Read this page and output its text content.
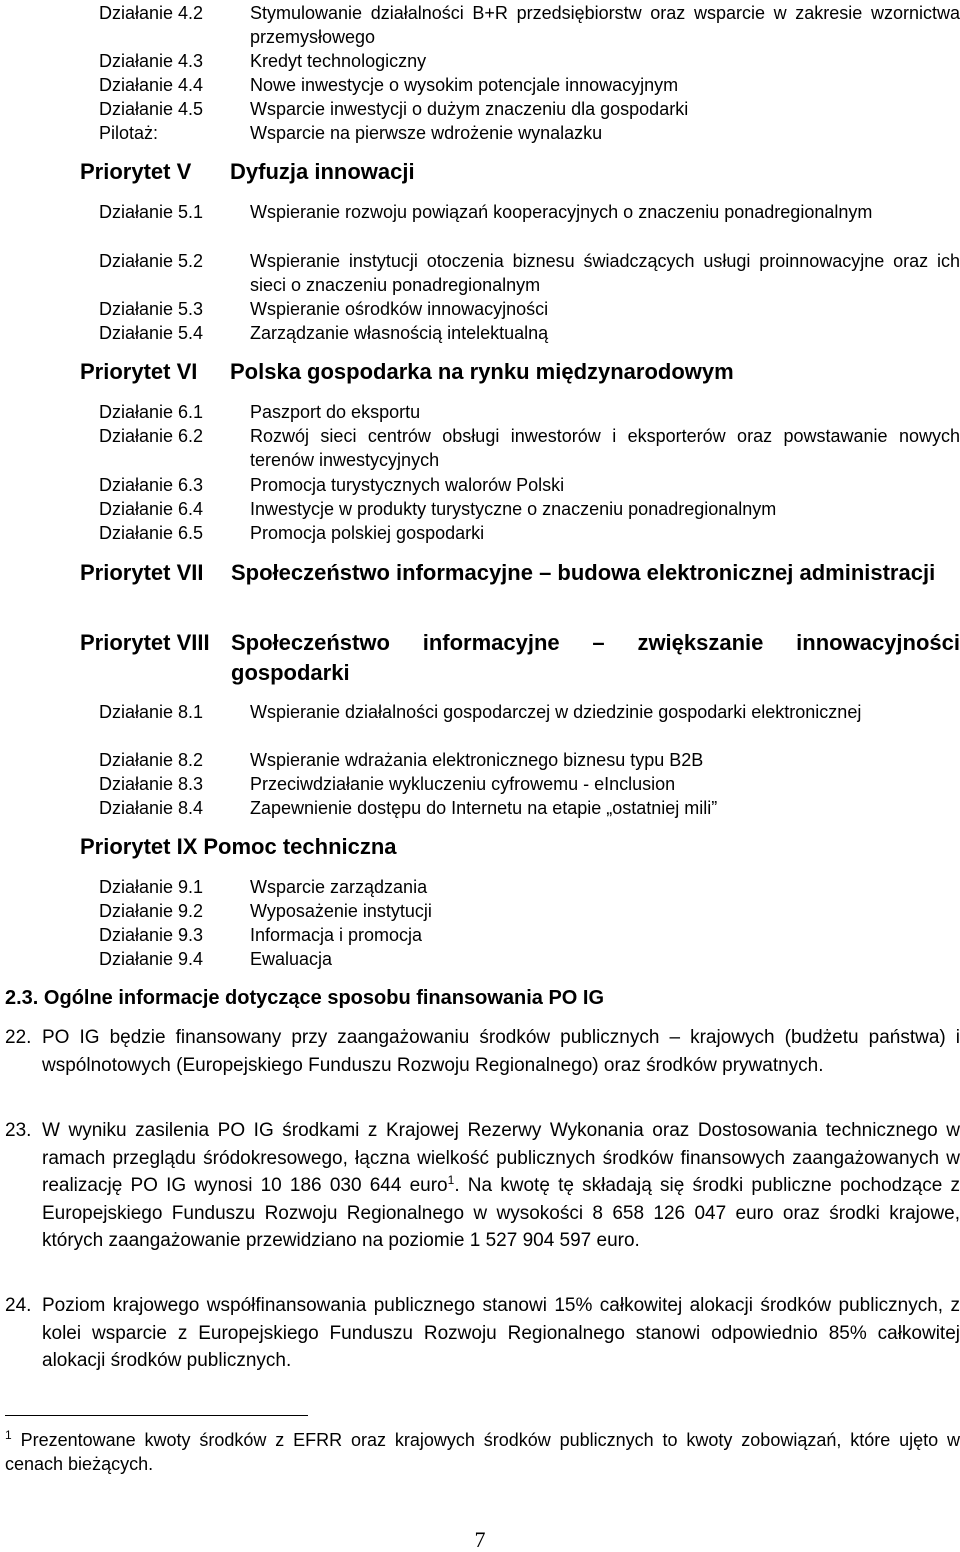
Działanie 4.2	Stymulowanie działalności B+R przedsiębiorstw oraz wsparcie w zakresie wzornictwa przemysłowego
Działanie 4.3	Kredyt technologiczny
Działanie 4.4	Nowe inwestycje o wysokim potencjale innowacyjnym
Działanie 4.5	Wsparcie inwestycji o dużym znaczeniu dla gospodarki
Pilotaż:	Wsparcie na pierwsze wdrożenie wynalazku
Priorytet V	Dyfuzja innowacji
Działanie 5.1	Wspieranie rozwoju powiązań kooperacyjnych o znaczeniu ponadregionalnym
Działanie 5.2	Wspieranie instytucji otoczenia biznesu świadczących usługi proinnowacyjne oraz ich sieci o znaczeniu ponadregionalnym
Działanie 5.3	Wspieranie ośrodków innowacyjności
Działanie 5.4	Zarządzanie własnością intelektualną
Priorytet VI	Polska gospodarka na rynku międzynarodowym
Działanie 6.1	Paszport do eksportu
Działanie 6.2	Rozwój sieci centrów obsługi inwestorów i eksporterów oraz powstawanie nowych terenów inwestycyjnych
Działanie 6.3	Promocja turystycznych walorów Polski
Działanie 6.4	Inwestycje w produkty turystyczne o znaczeniu ponadregionalnym
Działanie 6.5	Promocja polskiej gospodarki
Priorytet VII	Społeczeństwo informacyjne – budowa elektronicznej administracji
Priorytet VIII Społeczeństwo informacyjne – zwiększanie innowacyjności gospodarki
Działanie 8.1	Wspieranie działalności gospodarczej w dziedzinie gospodarki elektronicznej
Działanie 8.2	Wspieranie wdrażania elektronicznego biznesu typu B2B
Działanie 8.3	Przeciwdziałanie wykluczeniu cyfrowemu - eInclusion
Działanie 8.4	Zapewnienie dostępu do Internetu na etapie „ostatniej mili”
Priorytet IX Pomoc techniczna
Działanie 9.1	Wsparcie zarządzania
Działanie 9.2	Wyposażenie instytucji
Działanie 9.3	Informacja i promocja
Działanie 9.4	Ewaluacja
2.3. Ogólne informacje dotyczące sposobu finansowania PO IG
22. PO IG będzie finansowany przy zaangażowaniu środków publicznych – krajowych (budżetu państwa) i wspólnotowych (Europejskiego Funduszu Rozwoju Regionalnego) oraz środków prywatnych.
23. W wyniku zasilenia PO IG środkami z Krajowej Rezerwy Wykonania oraz Dostosowania technicznego w ramach przeglądu śródokresowego, łączna wielkość publicznych środków finansowych zaangażowanych w realizację PO IG wynosi 10 186 030 644 euro$^1$. Na kwotę tę składają się środki publiczne pochodzące z Europejskiego Funduszu Rozwoju Regionalnego w wysokości 8 658 126 047 euro oraz środki krajowe, których zaangażowanie przewidziano na poziomie 1 527 904 597 euro.
24. Poziom krajowego współfinansowania publicznego stanowi 15% całkowitej alokacji środków publicznych, z kolei wsparcie z Europejskiego Funduszu Rozwoju Regionalnego stanowi odpowiednio 85% całkowitej alokacji środków publicznych.
$^1$ Prezentowane kwoty środków z EFRR oraz krajowych środków publicznych to kwoty zobowiązań, które ujęto w cenach bieżących.
7
